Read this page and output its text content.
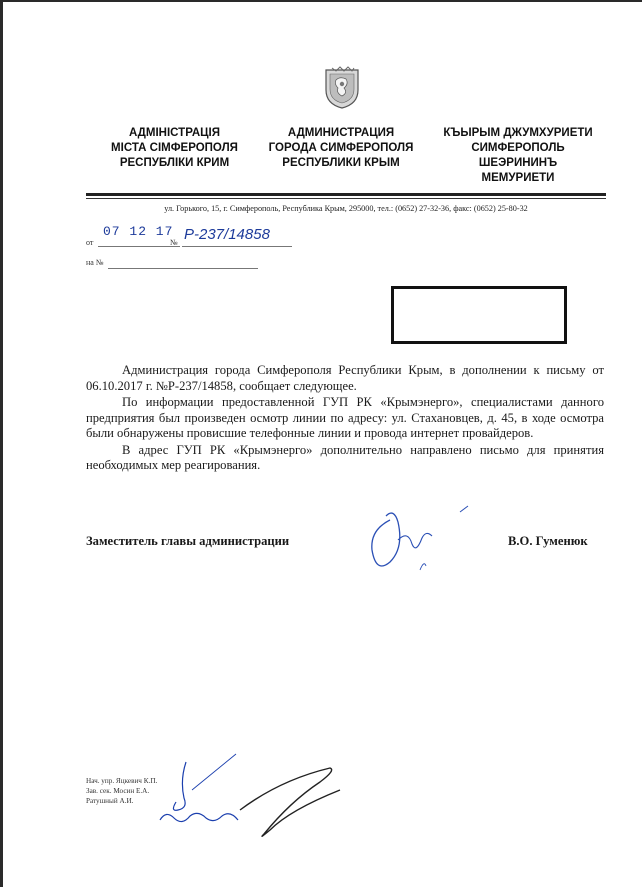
АДМІНІСТРАЦІЯ
МІСТА СІМФЕРОПОЛЯ
РЕСПУБЛІКИ КРИМ
АДМИНИСТРАЦИЯ
ГОРОДА СИМФЕРОПОЛЯ
РЕСПУБЛИКИ КРЫМ
КЪЫРЫМ ДЖУМХУРИЕТИ
СИМФЕРОПОЛЬ
ШЕЭРИНИНЪ
МЕМУРИЕТИ
ул. Горького, 15, г. Симферополь, Республика Крым, 295000, тел.: (0652) 27-32-36, факс: (0652) 25-80-32
от
07 12 17
№ Р-237/14858
на №

Администрация города Симферополя Республики Крым, в дополнении к письму от 06.10.2017 г. №Р-237/14858, сообщает следующее.

По информации предоставленной ГУП РК «Крымэнерго», специалистами данного предприятия был произведен осмотр линии по адресу: ул. Стахановцев, д. 45, в ходе осмотра были обнаружены провисшие телефонные линии и провода интернет провайдеров.

В адрес ГУП РК «Крымэнерго» дополнительно направлено письмо для принятия необходимых мер реагирования.

Заместитель главы администрации	В.О. Гуменюк
Нач. упр. Яцкевич К.П.
Зав. сек. Мосин Е.А.
Ратушный А.И.
